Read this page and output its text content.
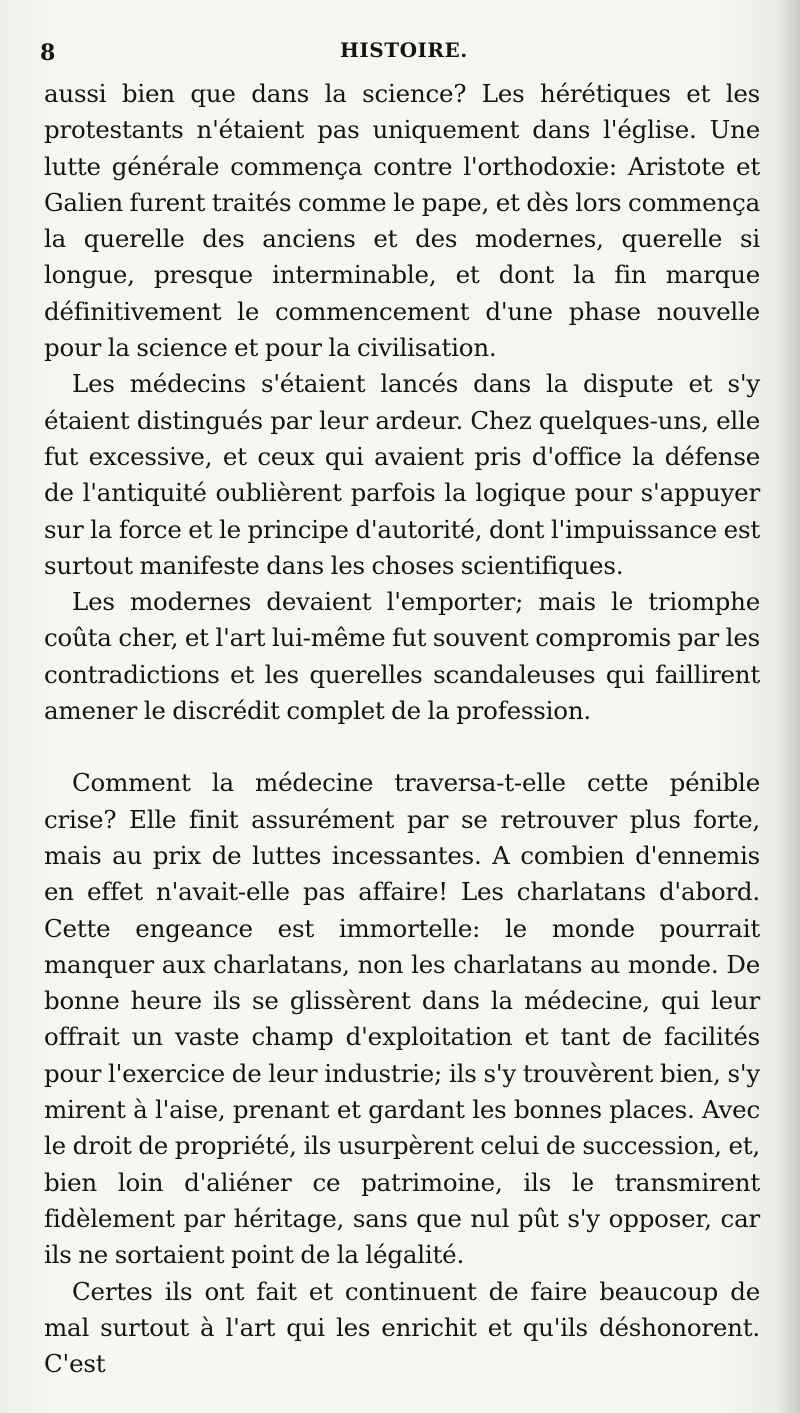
8	HISTOIRE.

aussi bien que dans la science? Les hérétiques et les protestants n'étaient pas uniquement dans l'église. Une lutte générale commença contre l'orthodoxie: Aristote et Galien furent traités comme le pape, et dès lors commença la querelle des anciens et des modernes, querelle si longue, presque interminable, et dont la fin marque définitivement le commencement d'une phase nouvelle pour la science et pour la civilisation.

Les médecins s'étaient lancés dans la dispute et s'y étaient distingués par leur ardeur. Chez quelques-uns, elle fut excessive, et ceux qui avaient pris d'office la défense de l'antiquité oublièrent parfois la logique pour s'appuyer sur la force et le principe d'autorité, dont l'impuissance est surtout manifeste dans les choses scientifiques.

Les modernes devaient l'emporter; mais le triomphe coûta cher, et l'art lui-même fut souvent compromis par les contradictions et les querelles scandaleuses qui faillirent amener le discrédit complet de la profession.

Comment la médecine traversa-t-elle cette pénible crise? Elle finit assurément par se retrouver plus forte, mais au prix de luttes incessantes. A combien d'ennemis en effet n'avait-elle pas affaire! Les charlatans d'abord. Cette engeance est immortelle: le monde pourrait manquer aux charlatans, non les charlatans au monde. De bonne heure ils se glissèrent dans la médecine, qui leur offrait un vaste champ d'exploitation et tant de facilités pour l'exercice de leur industrie; ils s'y trouvèrent bien, s'y mirent à l'aise, prenant et gardant les bonnes places. Avec le droit de propriété, ils usurpèrent celui de succession, et, bien loin d'aliéner ce patrimoine, ils le transmirent fidèlement par héritage, sans que nul pût s'y opposer, car ils ne sortaient point de la légalité.

Certes ils ont fait et continuent de faire beaucoup de mal surtout à l'art qui les enrichit et qu'ils déshonorent. C'est
